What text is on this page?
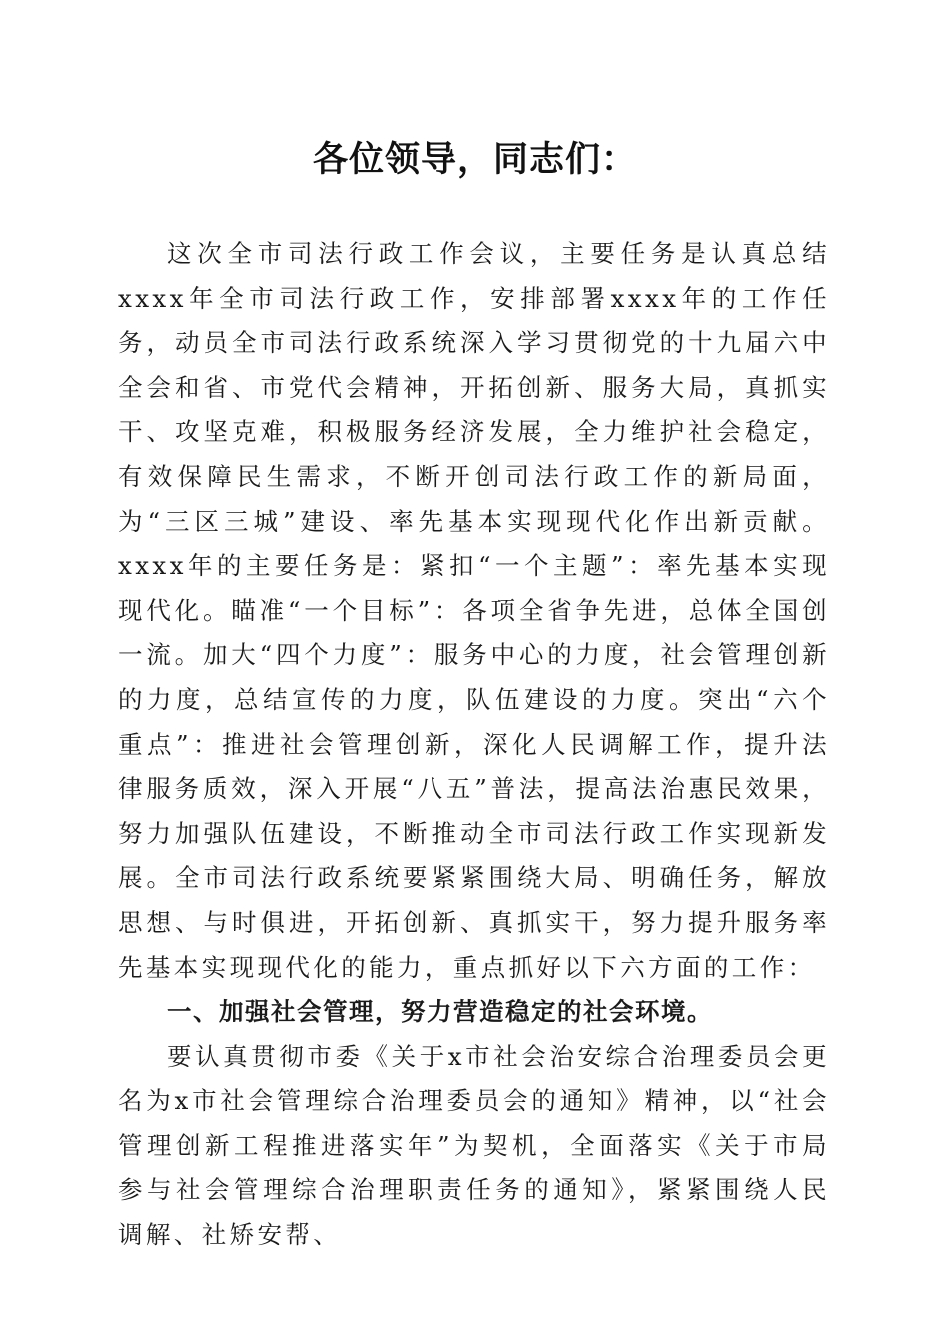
各位领导，同志们：

这次全市司法行政工作会议，主要任务是认真总结xxxx年全市司法行政工作，安排部署xxxx年的工作任务，动员全市司法行政系统深入学习贯彻党的十九届六中全会和省、市党代会精神，开拓创新、服务大局，真抓实干、攻坚克难，积极服务经济发展，全力维护社会稳定，有效保障民生需求，不断开创司法行政工作的新局面，为“三区三城”建设、率先基本实现现代化作出新贡献。xxxx年的主要任务是：紧扣“一个主题”：率先基本实现现代化。瞄准“一个目标”：各项全省争先进，总体全国创一流。加大“四个力度”：服务中心的力度，社会管理创新的力度，总结宣传的力度，队伍建设的力度。突出“六个重点”：推进社会管理创新，深化人民调解工作，提升法律服务质效，深入开展“八五”普法，提高法治惠民效果，努力加强队伍建设，不断推动全市司法行政工作实现新发展。全市司法行政系统要紧紧围绕大局、明确任务，解放思想、与时俱进，开拓创新、真抓实干，努力提升服务率先基本实现现代化的能力，重点抓好以下六方面的工作：

一、加强社会管理，努力营造稳定的社会环境。

要认真贯彻市委《关于x市社会治安综合治理委员会更名为x市社会管理综合治理委员会的通知》精神，以“社会管理创新工程推进落实年”为契机，全面落实《关于市局参与社会管理综合治理职责任务的通知》，紧紧围绕人民调解、社矫安帮、
